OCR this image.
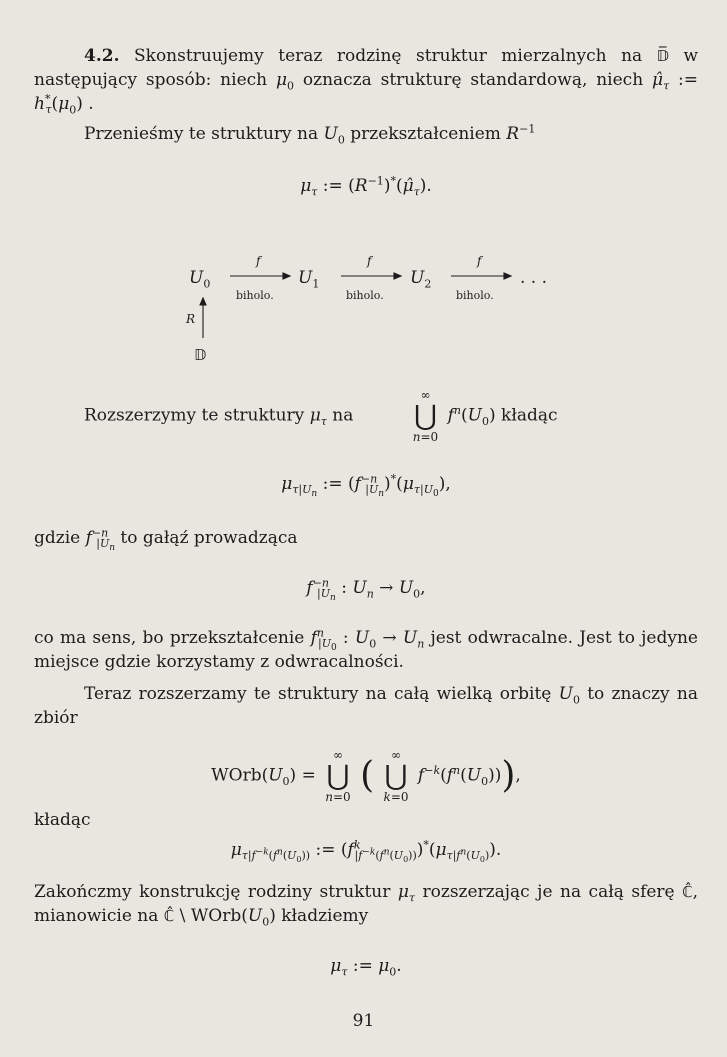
4.2. Skonstruujemy teraz rodzinę struktur mierzalnych na 𝔻̅ w następujący sposób: niech $\mu_0$ oznacza strukturę standardową, niech $\mû_\tau$ := $h^*_\tau(\mu_0)$ .

Przenieśmy te struktury na $U_0$ przekształceniem $R^{-1}$

$\mu_\tau$ := $(R^{-1})^*(\mû_\tau)$.

$U_0$	$U_1$	$U_2$	. . .
f	f	f
biholo.	biholo.	biholo.
R
𝔻

Rozszerzymy te struktury $\mu_\tau$ na
∞
⋃
n=0
$f^n(U_0)$ kładąc

$\mu_{\tau|U_n}$ := $(f^{-n}_{|U_n})^*(\mu_{\tau|U_0})$,

gdzie $f^{-n}_{|U_n}$ to gałąź prowadząca

$f^{-n}_{|U_n}$ : $U_n \to U_0$,

co ma sens, bo przekształcenie $f^n_{|U_0}$ : $U_0 \to U_n$ jest odwracalne. Jest to jedyne miejsce gdzie korzystamy z odwracalności.

Teraz rozszerzamy te struktury na całą wielką orbitę $U_0$ to znaczy na zbiór

$WOrb(U_0)$ =
∞
⋃
n=0
(	∞
⋃
k=0
$f^{-k}(f^n(U_0))$),

kładąc

$\mu_{\tau|f^{-k}(f^n(U_0))}$ := $(f^k_{|f^{-k}(f^n(U_0))})^*(\mu_{\tau|f^n(U_0)})$.

Zakończmy konstrukcję rodziny struktur $\mu_\tau$ rozszerzając je na całą sferę ℂ̂, mianowicie na ℂ̂ \ $WOrb(U_0)$ kładziemy

$\mu_\tau$ := $\mu_0$.

91
